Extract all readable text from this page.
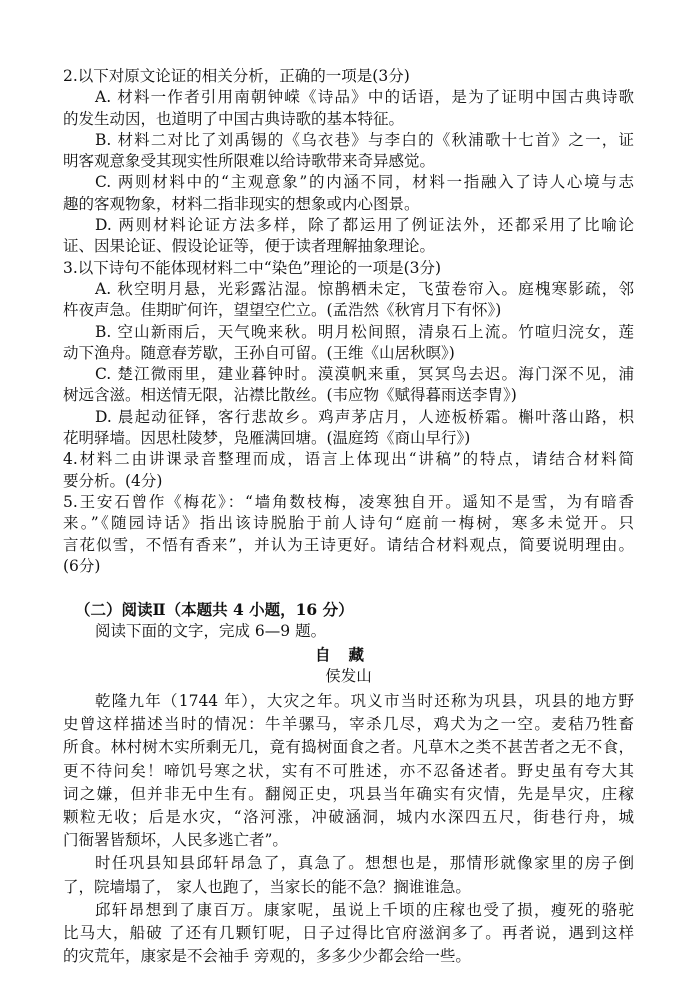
2.以下对原文论证的相关分析，正确的一项是(3分)
A. 材料一作者引用南朝钟嵘《诗品》中的话语，是为了证明中国古典诗歌
的发生动因，也道明了中国古典诗歌的基本特征。
B. 材料二对比了刘禹锡的《乌衣巷》与李白的《秋浦歌十七首》之一，证
明客观意象受其现实性所限难以给诗歌带来奇异感觉。
C. 两则材料中的“主观意象”的内涵不同，材料一指融入了诗人心境与志
趣的客观物象，材料二指非现实的想象或内心图景。
D. 两则材料论证方法多样，除了都运用了例证法外，还都采用了比喻论
证、因果论证、假设论证等，便于读者理解抽象理论。
3.以下诗句不能体现材料二中“染色”理论的一项是(3分)
A. 秋空明月悬，光彩露沾湿。惊鹊栖未定，飞萤卷帘入。庭槐寒影疏，邻
杵夜声急。佳期旷何许，望望空伫立。(孟浩然《秋宵月下有怀》)
B. 空山新雨后，天气晚来秋。明月松间照，清泉石上流。竹喧归浣女，莲
动下渔舟。随意春芳歇，王孙自可留。(王维《山居秋暝》)
C. 楚江微雨里，建业暮钟时。漠漠帆来重，冥冥鸟去迟。海门深不见，浦
树远含滋。相送情无限，沾襟比散丝。(韦应物《赋得暮雨送李胄》)
D. 晨起动征铎，客行悲故乡。鸡声茅店月，人迹板桥霜。槲叶落山路，枳
花明驿墙。因思杜陵梦，凫雁满回塘。(温庭筠《商山早行》)
4.材料二由讲课录音整理而成，语言上体现出“讲稿”的特点，请结合材料简
要分析。(4分)
5.王安石曾作《梅花》：“墙角数枝梅，凌寒独自开。遥知不是雪，为有暗香
来。”《随园诗话》指出该诗脱胎于前人诗句“庭前一梅树，寒多未觉开。只
言花似雪，不悟有香来”，并认为王诗更好。请结合材料观点，简要说明理由。
(6分)
（二）阅读Ⅱ（本题共 4 小题，16 分）
阅读下面的文字，完成 6—9 题。
自藏
侯发山
乾隆九年（1744 年），大灾之年。巩义市当时还称为巩县，巩县的地方野
史曾这样描述当时的情况：牛羊骡马，宰杀几尽，鸡犬为之一空。麦秸乃牲畜
所食。林村树木实所剩无几，竟有捣树面食之者。凡草木之类不甚苦者之无不食，
更不待问矣！啼饥号寒之状，实有不可胜述，亦不忍备述者。野史虽有夸大其
词之嫌，但并非无中生有。翻阅正史，巩县当年确实有灾情，先是旱灾，庄稼
颗粒无收；后是水灾，“洛河涨，冲破涵洞，城内水深四五尺，街巷行舟，城
门衙署皆颓坏，人民多逃亡者”。
时任巩县知县邱轩昂急了，真急了。想想也是，那情形就像家里的房子倒
了，院墙塌了， 家人也跑了，当家长的能不急？搁谁谁急。
邱轩昂想到了康百万。康家呢，虽说上千顷的庄稼也受了损，瘦死的骆驼
比马大，船破 了还有几颗钉呢，日子过得比官府滋润多了。再者说，遇到这样
的灾荒年，康家是不会袖手 旁观的，多多少少都会给一些。
